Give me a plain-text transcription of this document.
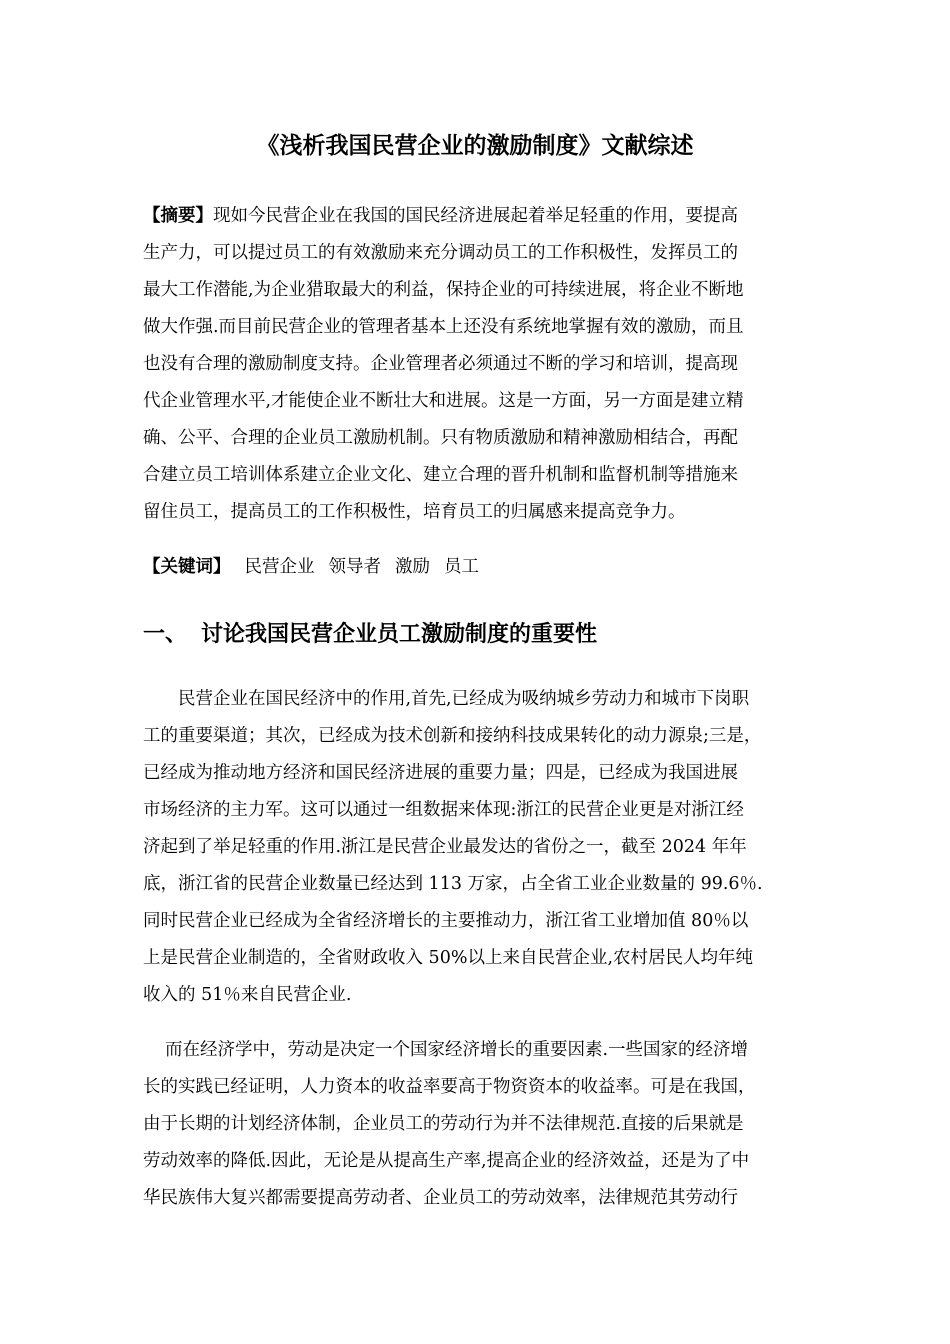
《浅析我国民营企业的激励制度》文献综述
【摘要】现如今民营企业在我国的国民经济进展起着举足轻重的作用，要提高
生产力，可以提过员工的有效激励来充分调动员工的工作积极性，发挥员工的
最大工作潜能,为企业猎取最大的利益，保持企业的可持续进展，将企业不断地
做大作强.而目前民营企业的管理者基本上还没有系统地掌握有效的激励，而且
也没有合理的激励制度支持。企业管理者必须通过不断的学习和培训，提高现
代企业管理水平,才能使企业不断壮大和进展。这是一方面，另一方面是建立精
确、公平、合理的企业员工激励机制。只有物质激励和精神激励相结合，再配
合建立员工培训体系建立企业文化、建立合理的晋升机制和监督机制等措施来
留住员工，提高员工的工作积极性，培育员工的归属感来提高竞争力。
【关键词】 民营企业 领导者 激励 员工
一、 讨论我国民营企业员工激励制度的重要性
民营企业在国民经济中的作用,首先,已经成为吸纳城乡劳动力和城市下岗职
工的重要渠道；其次，已经成为技术创新和接纳科技成果转化的动力源泉;三是，
已经成为推动地方经济和国民经济进展的重要力量；四是，已经成为我国进展
市场经济的主力军。这可以通过一组数据来体现:浙江的民营企业更是对浙江经
济起到了举足轻重的作用.浙江是民营企业最发达的省份之一，截至 2024 年年
底，浙江省的民营企业数量已经达到 113 万家，占全省工业企业数量的 99.6％.
同时民营企业已经成为全省经济增长的主要推动力，浙江省工业增加值 80％以
上是民营企业制造的，全省财政收入 50%以上来自民营企业,农村居民人均年纯
收入的 51％来自民营企业.
而在经济学中，劳动是决定一个国家经济增长的重要因素.一些国家的经济增
长的实践已经证明，人力资本的收益率要高于物资资本的收益率。可是在我国，
由于长期的计划经济体制，企业员工的劳动行为并不法律规范.直接的后果就是
劳动效率的降低.因此，无论是从提高生产率,提高企业的经济效益，还是为了中
华民族伟大复兴都需要提高劳动者、企业员工的劳动效率，法律规范其劳动行
